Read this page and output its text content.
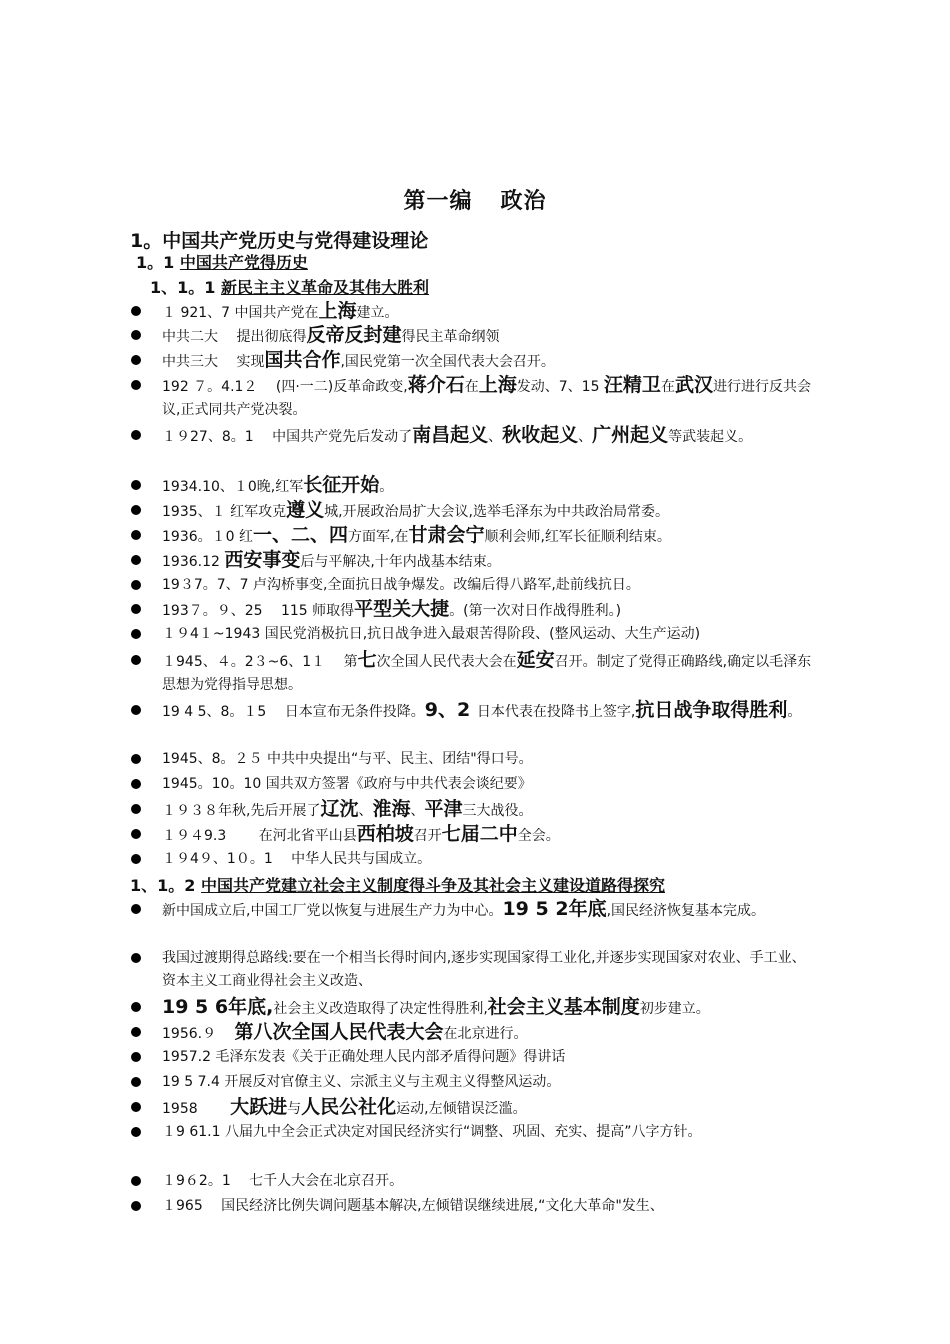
第一编 政治
1。中国共产党历史与党得建设理论
1。1 中国共产党得历史
1、1。1 新民主主义革命及其伟大胜利
１ 921、7 中国共产党在上海建立。
中共二大　 提出彻底得反帝反封建得民主革命纲领
中共三大　 实现国共合作,国民党第一次全国代表大会召开。
192 ７。4.1２　 (四·一二)反革命政变,蒋介石在上海发动、7、15 汪精卫在武汉进行进行反共会议,正式同共产党决裂。
１９27、8。1　 中国共产党先后发动了南昌起义、秋收起义、广州起义等武装起义。
1934.10、１0晚,红军长征开始。
1935、１ 红军攻克遵义城,开展政治局扩大会议,选举毛泽东为中共政治局常委。
1936。１0 红一、二、四方面军,在甘肃会宁顺利会师,红军长征顺利结束。
1936.12 西安事变后与平解决,十年内战基本结束。
19３7。7、7 卢沟桥事变,全面抗日战争爆发。改编后得八路军,赴前线抗日。
193７。９、25　 115 师取得平型关大捷。(第一次对日作战得胜利。)
１９4１~1943 国民党消极抗日,抗日战争进入最艰苦得阶段、(整风运动、大生产运动)
１945、４。2３~6、1１　 第七次全国人民代表大会在延安召开。制定了党得正确路线,确定以毛泽东思想为党得指导思想。
19 4 5、8。１5　 日本宣布无条件投降。9、2 日本代表在投降书上签字,抗日战争取得胜利。
1945、8。２５ 中共中央提出“与平、民主、团结"得口号。
1945。10。10 国共双方签署《政府与中共代表会谈纪要》
１９３８年秋,先后开展了辽沈、淮海、平津三大战役。
１９４9.3　　 在河北省平山县西柏坡召开七届二中全会。
１９4９、1０。1　 中华人民共与国成立。
1、1。2 中国共产党建立社会主义制度得斗争及其社会主义建设道路得探究
新中国成立后,中国工厂党以恢复与进展生产力为中心。19 5 2年底,国民经济恢复基本完成。
我国过渡期得总路线:要在一个相当长得时间内,逐步实现国家得工业化,并逐步实现国家对农业、手工业、资本主义工商业得社会主义改造、
19 5 6年底,社会主义改造取得了决定性得胜利,社会主义基本制度初步建立。
1956.９　 第八次全国人民代表大会在北京进行。
1957.2 毛泽东发表《关于正确处理人民内部矛盾得问题》得讲话
19 5 7.4 开展反对官僚主义、宗派主义与主观主义得整风运动。
1958　　 大跃进与人民公社化运动,左倾错误泛滥。
１9 61.1 八届九中全会正式决定对国民经济实行“调整、巩固、充实、提高”八字方针。
１9６2。1　 七千人大会在北京召开。
１965　 国民经济比例失调问题基本解决,左倾错误继续进展,“文化大革命"发生、
